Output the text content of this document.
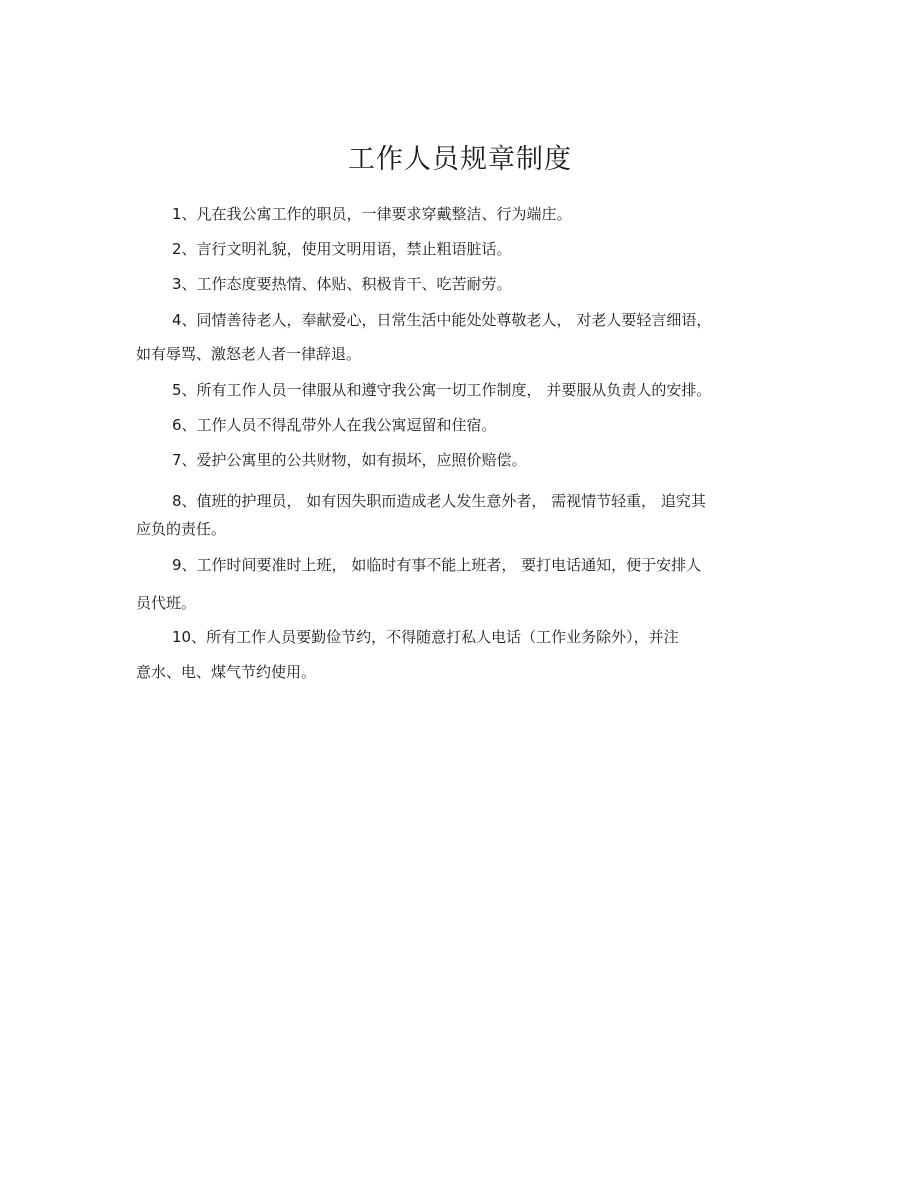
工作人员规章制度
1、凡在我公寓工作的职员，一律要求穿戴整洁、行为端庄。
2、言行文明礼貌，使用文明用语，禁止粗语脏话。
3、工作态度要热情、体贴、积极肯干、吃苦耐劳。
4、同情善待老人，奉献爱心，日常生活中能处处尊敬老人， 对老人要轻言细语，
如有辱骂、激怒老人者一律辞退。
5、所有工作人员一律服从和遵守我公寓一切工作制度， 并要服从负责人的安排。
6、工作人员不得乱带外人在我公寓逗留和住宿。
7、爱护公寓里的公共财物，如有损坏，应照价赔偿。
8、值班的护理员， 如有因失职而造成老人发生意外者， 需视情节轻重， 追究其
应负的责任。
9、工作时间要准时上班， 如临时有事不能上班者， 要打电话通知，便于安排人
员代班。
10、所有工作人员要勤俭节约，不得随意打私人电话（工作业务除外），并注
意水、电、煤气节约使用。
